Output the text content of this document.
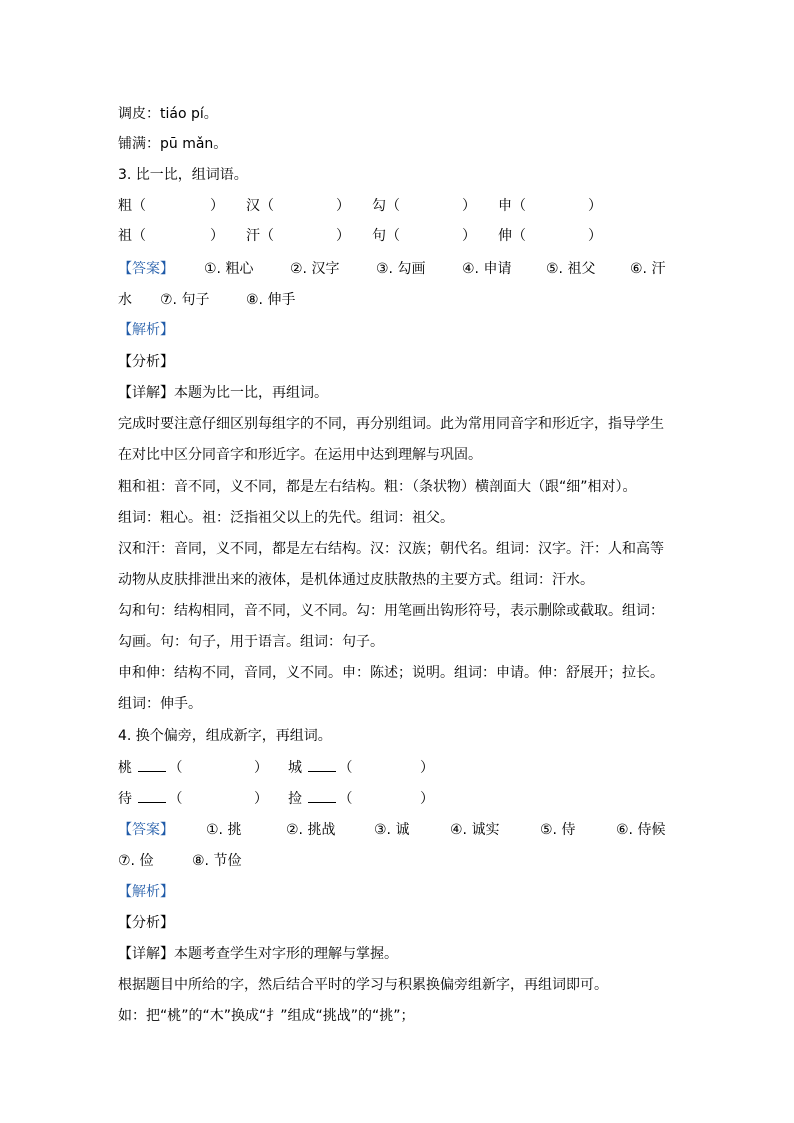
调皮：tiáo pí。
铺满：pū mǎn。
3. 比一比，组词语。
粗（	） 汉（	） 勾（	） 申（	）
祖（	） 汗（	） 句（	） 伸（	）
【答案】 ①. 粗心	②. 汉字	③. 勾画	④. 申请 ⑤. 祖父 ⑥. 汗
水 ⑦. 句子	⑧. 伸手
【解析】
【分析】
【详解】本题为比一比，再组词。
完成时要注意仔细区别每组字的不同，再分别组词。此为常用同音字和形近字，指导学生
在对比中区分同音字和形近字。在运用中达到理解与巩固。
粗和祖：音不同，义不同，都是左右结构。粗：（条状物）横剖面大（跟“细”相对）。
组词：粗心。祖：泛指祖父以上的先代。组词：祖父。
汉和汗：音同，义不同，都是左右结构。汉：汉族；朝代名。组词：汉字。汗：人和高等
动物从皮肤排泄出来的液体，是机体通过皮肤散热的主要方式。组词：汗水。
勾和句：结构相同，音不同，义不同。勾：用笔画出钩形符号，表示删除或截取。组词：
勾画。句：句子，用于语言。组词：句子。
申和伸：结构不同，音同，义不同。申：陈述；说明。组词：申请。伸：舒展开；拉长。
组词：伸手。
4. 换个偏旁，组成新字，再组词。
桃	（	） 城	（	）
待	（	） 捡	（	）
【答案】 ①. 挑	②. 挑战	③. 诚	④. 诚实	⑤. 侍	⑥. 侍候
⑦. 俭	⑧. 节俭
【解析】
【分析】
【详解】本题考查学生对字形的理解与掌握。
根据题目中所给的字，然后结合平时的学习与积累换偏旁组新字，再组词即可。
如：把“桃”的“木”换成“扌”组成“挑战”的“挑”；
